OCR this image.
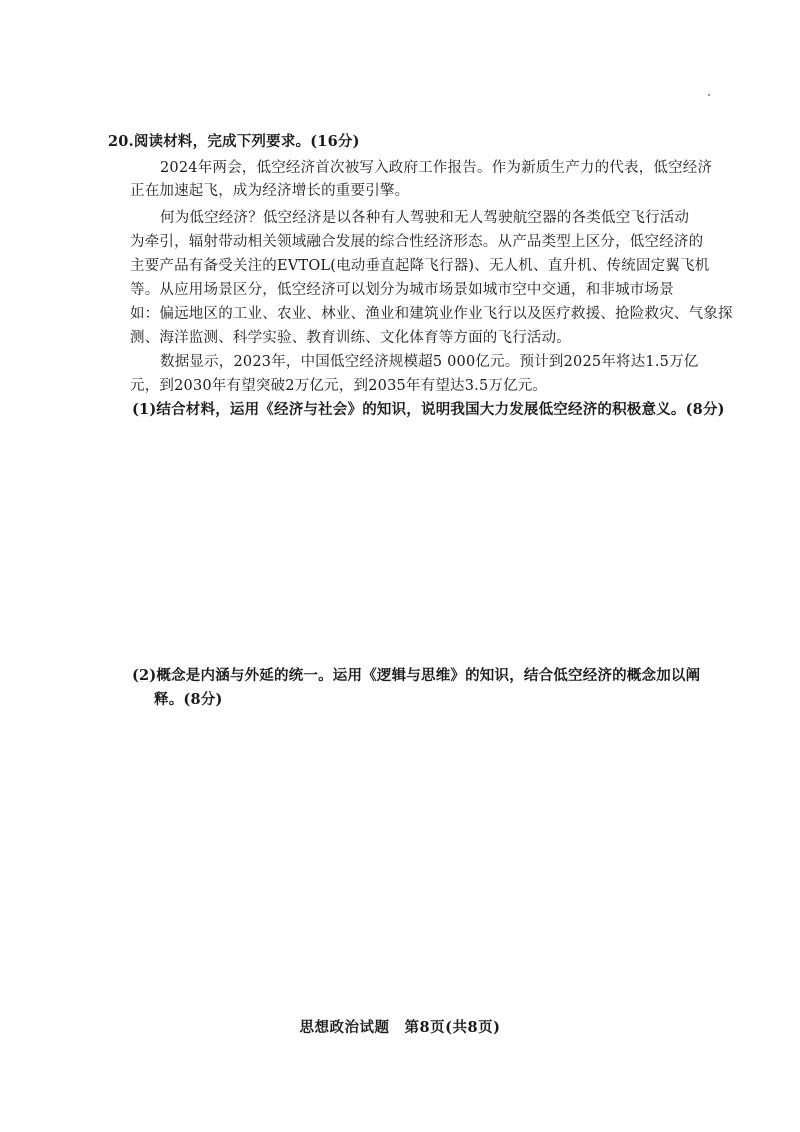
20.阅读材料，完成下列要求。(16分)
2024年两会，低空经济首次被写入政府工作报告。作为新质生产力的代表，低空经济
正在加速起飞，成为经济增长的重要引擎。
何为低空经济？低空经济是以各种有人驾驶和无人驾驶航空器的各类低空飞行活动
为牵引，辐射带动相关领域融合发展的综合性经济形态。从产品类型上区分，低空经济的
主要产品有备受关注的EVTOL(电动垂直起降飞行器)、无人机、直升机、传统固定翼飞机
等。从应用场景区分，低空经济可以划分为城市场景如城市空中交通，和非城市场景
如：偏远地区的工业、农业、林业、渔业和建筑业作业飞行以及医疗救援、抢险救灾、气象探
测、海洋监测、科学实验、教育训练、文化体育等方面的飞行活动。
数据显示，2023年，中国低空经济规模超5 000亿元。预计到2025年将达1.5万亿
元，到2030年有望突破2万亿元，到2035年有望达3.5万亿元。
(1)结合材料，运用《经济与社会》的知识，说明我国大力发展低空经济的积极意义。(8分)
(2)概念是内涵与外延的统一。运用《逻辑与思维》的知识，结合低空经济的概念加以阐
释。(8分)
思想政治试题　第8页(共8页)
